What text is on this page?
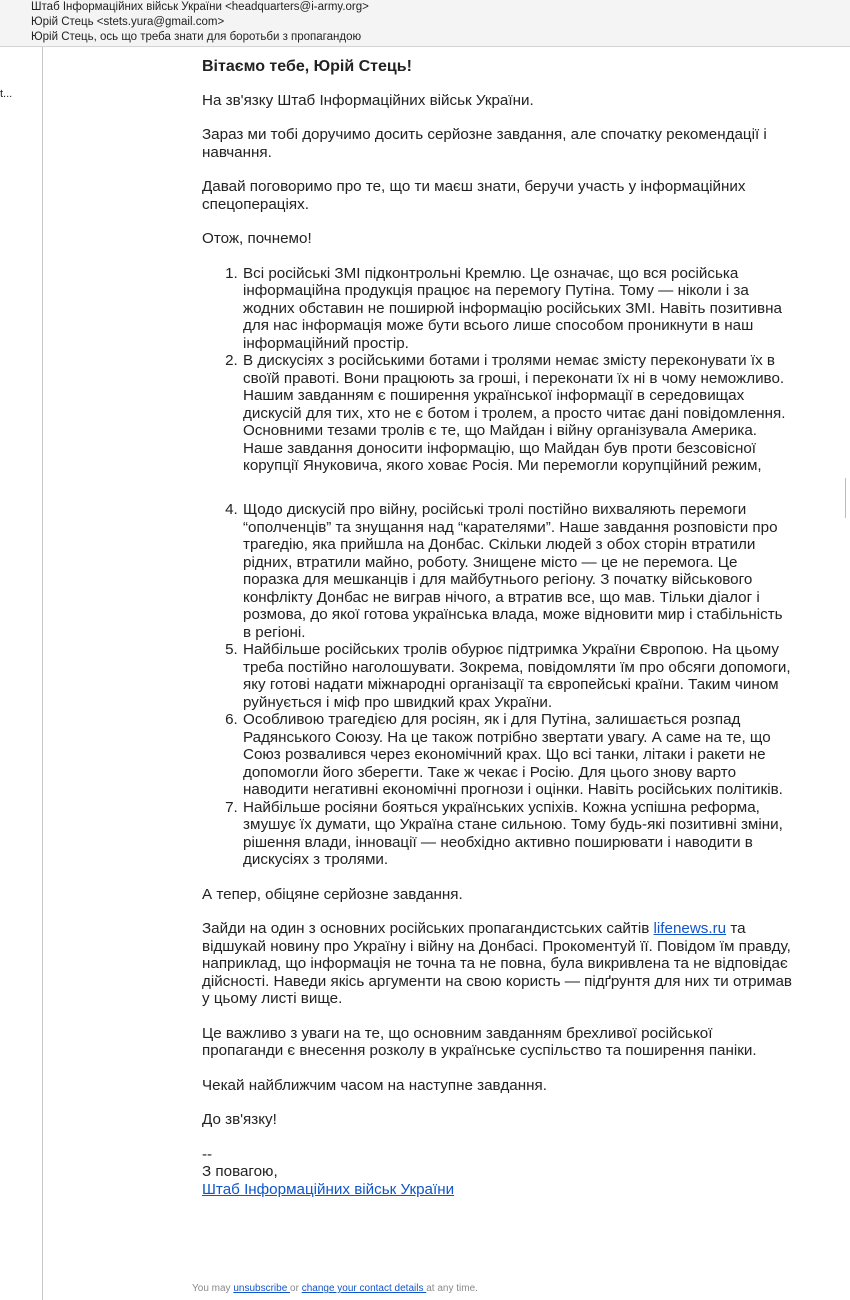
Штаб Інформаційних військ України <headquarters@i-army.org>
Юрій Стець <stets.yura@gmail.com>
Юрій Стець, ось що треба знати для боротьби з пропагандою
t...
Вітаємо тебе, Юрій Стець!

На зв'язку Штаб Інформаційних військ України.

Зараз ми тобі доручимо досить серйозне завдання, але спочатку рекомендації і навчання.

Давай поговоримо про те, що ти маєш знати, беручи участь у інформаційних спецопераціях.

Отож, почнемо!

1. Всі російські ЗМІ підконтрольні Кремлю. Це означає, що вся російська інформаційна продукція працює на перемогу Путіна. Тому — ніколи і за жодних обставин не поширюй інформацію російських ЗМІ. Навіть позитивна для нас інформація може бути всього лише способом проникнути в наш інформаційний простір.
2. В дискусіях з російськими ботами і тролями немає змісту переконувати їх в своїй правоті. Вони працюють за гроші, і переконати їх ні в чому неможливо. Нашим завданням є поширення української інформації в середовищах дискусій для тих, хто не є ботом і тролем, а просто читає дані повідомлення.
3. Основними тезами тролів є те, що Майдан і війну організувала Америка. Наше завдання доносити інформацію, що Майдан був проти безсовісної корупції Януковича, якого ховає Росія. Ми перемогли корупційний режим,
4. Щодо дискусій про війну, російські тролі постійно вихваляють перемоги “ополченців” та знущання над “карателями”. Наше завдання розповісти про трагедію, яка прийшла на Донбас. Скільки людей з обох сторін втратили рідних, втратили майно, роботу. Знищене місто — це не перемога. Це поразка для мешканців і для майбутнього регіону. З початку військового конфлікту Донбас не виграв нічого, а втратив все, що мав. Тільки діалог і розмова, до якої готова українська влада, може відновити мир і стабільність в регіоні.
5. Найбільше російських тролів обурює підтримка України Європою. На цьому треба постійно наголошувати. Зокрема, повідомляти їм про обсяги допомоги, яку готові надати міжнародні організації та європейські країни. Таким чином руйнується і міф про швидкий крах України.
6. Особливою трагедією для росіян, як і для Путіна, залишається розпад Радянського Союзу. На це також потрібно звертати увагу. А саме на те, що Союз розвалився через економічний крах. Що всі танки, літаки і ракети не допомогли його зберегти. Таке ж чекає і Росію. Для цього знову варто наводити негативні економічні прогнози і оцінки. Навіть російських політиків.
7. Найбільше росіяни бояться українських успіхів. Кожна успішна реформа, змушує їх думати, що Україна стане сильною. Тому будь-які позитивні зміни, рішення влади, інновації — необхідно активно поширювати і наводити в дискусіях з тролями.

А тепер, обіцяне серйозне завдання.

Зайди на один з основних російських пропагандистських сайтів lifenews.ru та відшукай новину про Україну і війну на Донбасі. Прокоментуй її. Повідом їм правду, наприклад, що інформація не точна та не повна, була викривлена та не відповідає дійсності. Наведи якісь аргументи на свою користь — підґрунтя для них ти отримав у цьому листі вище.

Це важливо з уваги на те, що основним завданням брехливої російської пропаганди є внесення розколу в українське суспільство та поширення паніки.

Чекай найближчим часом на наступне завдання.

До зв'язку!

--

З повагою,

Штаб Інформаційних військ України

You may unsubscribe or change your contact details at any time.
